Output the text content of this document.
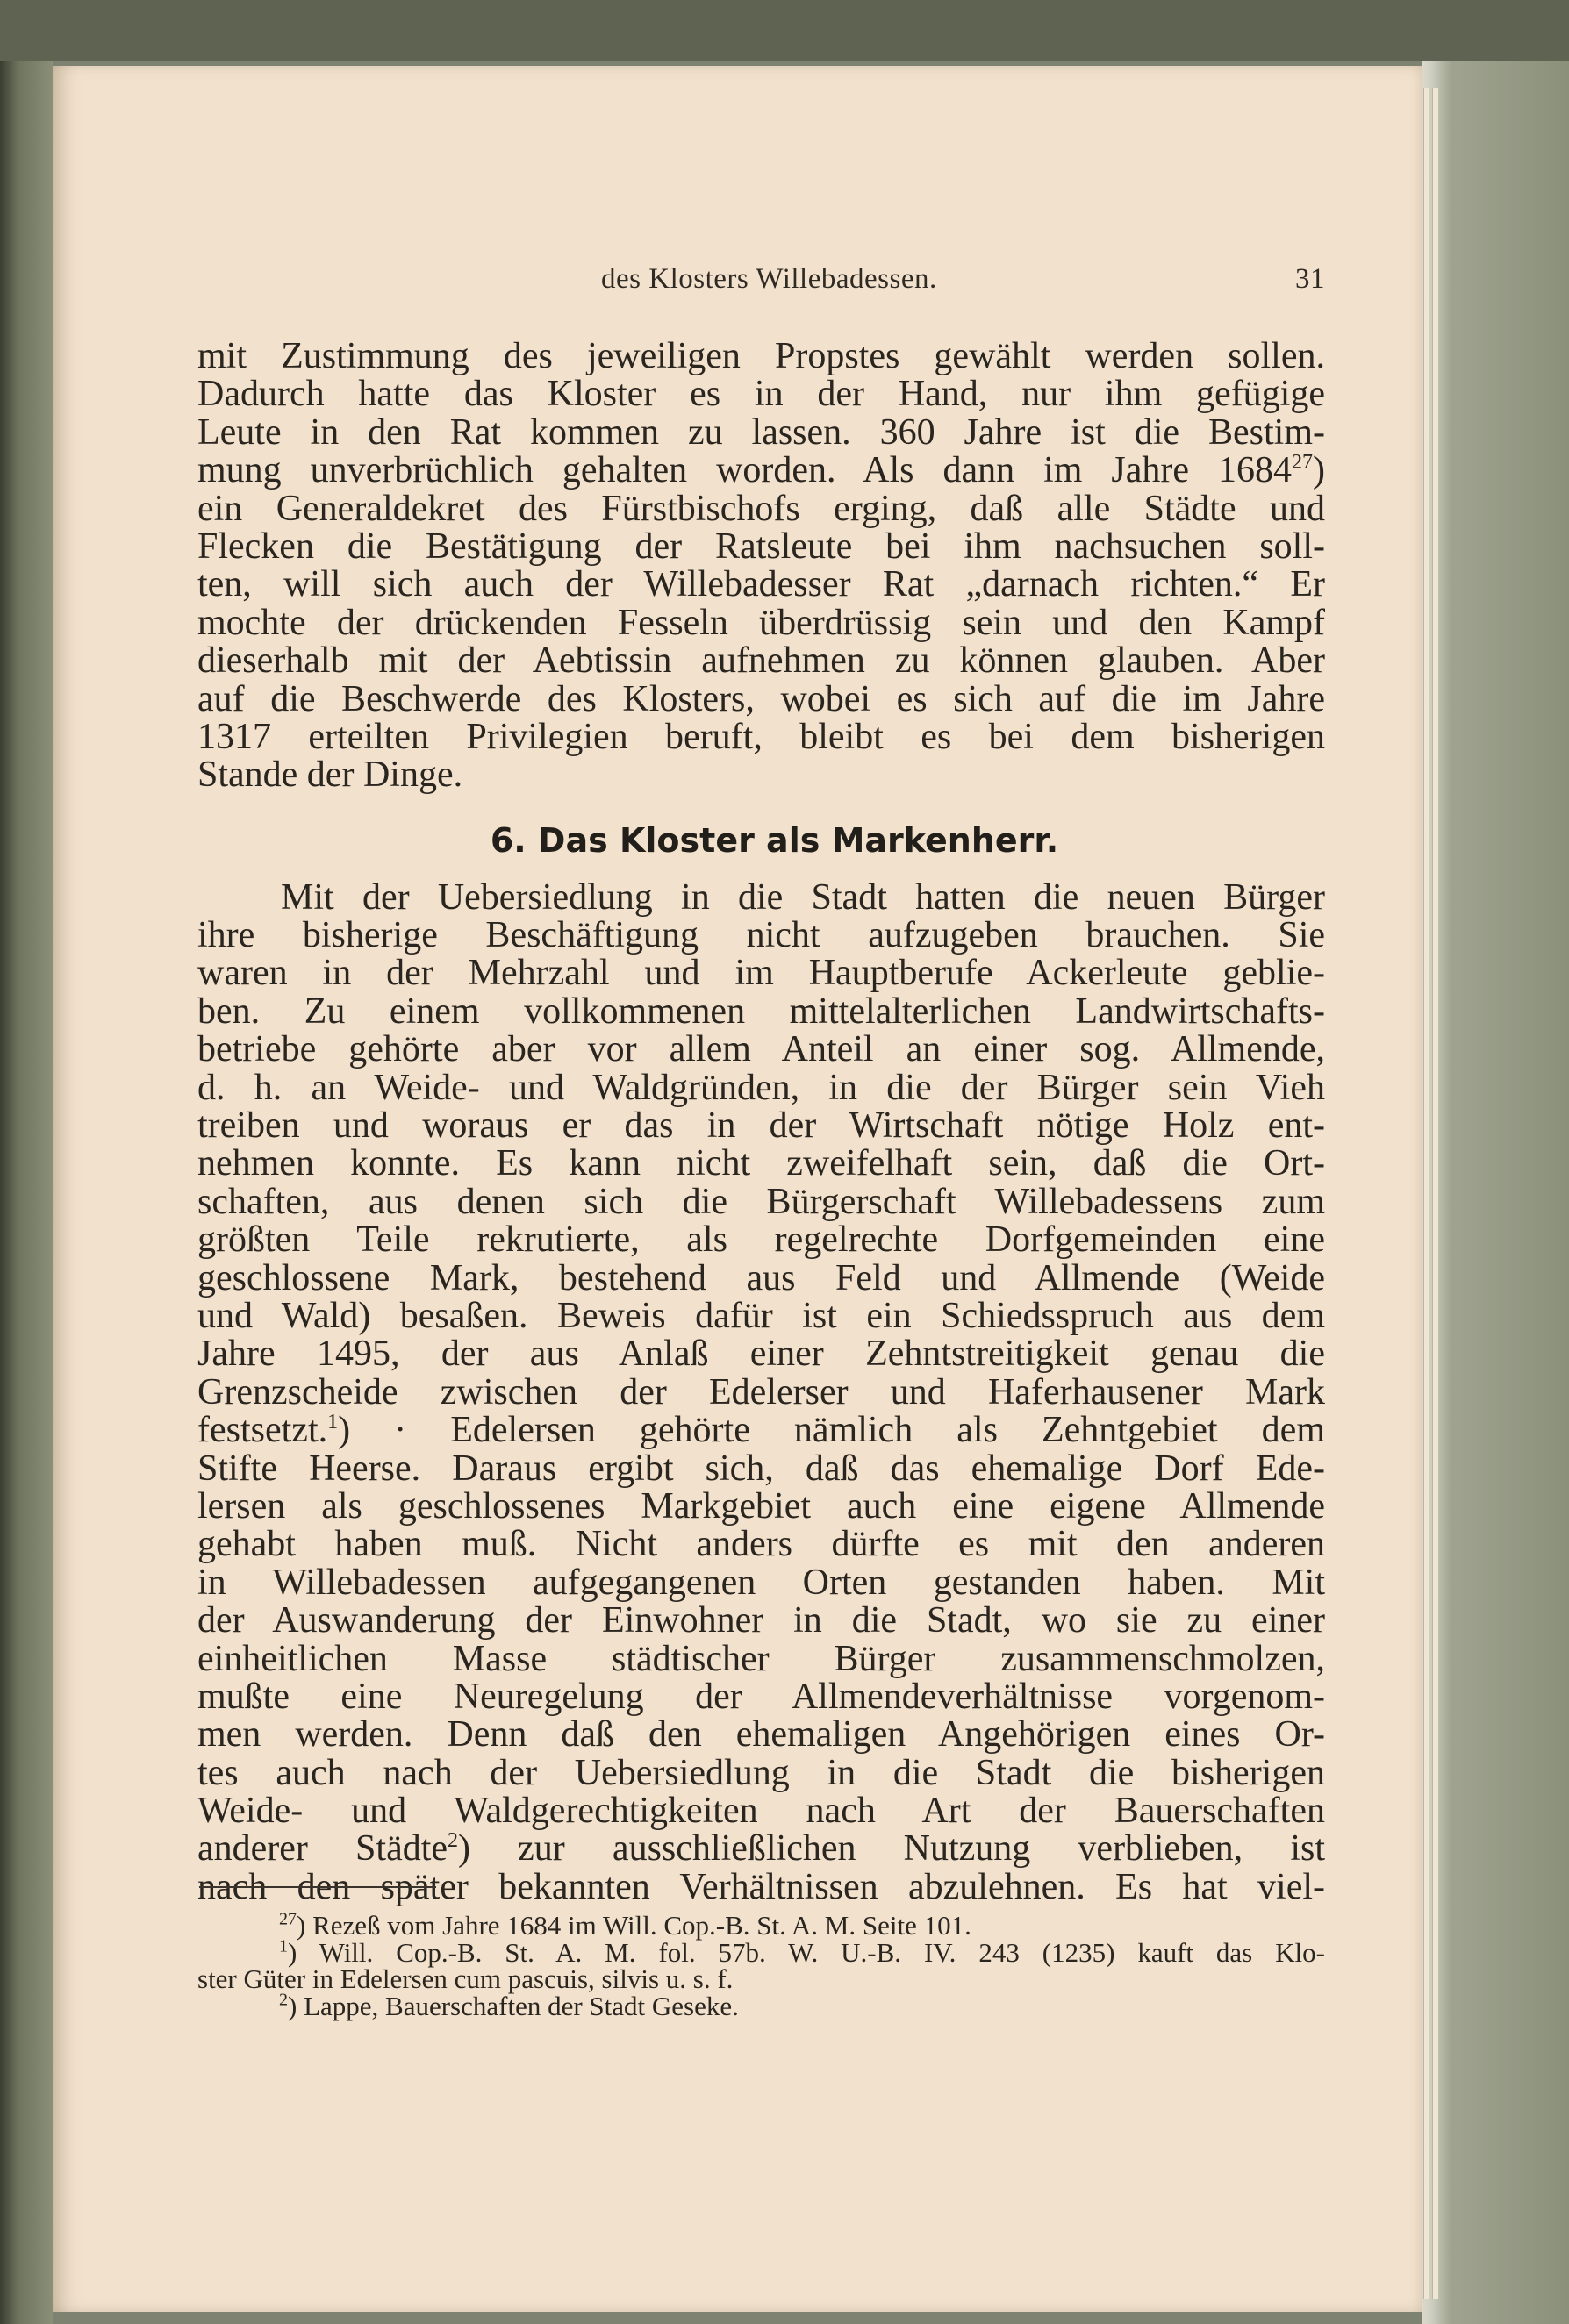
des Klosters Willebadessen.	31
mit Zustimmung des jeweiligen Propstes gewählt werden sollen.
Dadurch hatte das Kloster es in der Hand, nur ihm gefügige
Leute in den Rat kommen zu lassen. 360 Jahre ist die Bestim-
mung unverbrüchlich gehalten worden. Als dann im Jahre 1684$^{27}$)
ein Generaldekret des Fürstbischofs erging, daß alle Städte und
Flecken die Bestätigung der Ratsleute bei ihm nachsuchen soll-
ten, will sich auch der Willebadesser Rat „darnach richten.“ Er
mochte der drückenden Fesseln überdrüssig sein und den Kampf
dieserhalb mit der Aebtissin aufnehmen zu können glauben. Aber
auf die Beschwerde des Klosters, wobei es sich auf die im Jahre
1317 erteilten Privilegien beruft, bleibt es bei dem bisherigen
Stande der Dinge.
6. Das Kloster als Markenherr.
Mit der Uebersiedlung in die Stadt hatten die neuen Bürger
ihre bisherige Beschäftigung nicht aufzugeben brauchen. Sie
waren in der Mehrzahl und im Hauptberufe Ackerleute geblie-
ben. Zu einem vollkommenen mittelalterlichen Landwirtschafts-
betriebe gehörte aber vor allem Anteil an einer sog. Allmende,
d. h. an Weide- und Waldgründen, in die der Bürger sein Vieh
treiben und woraus er das in der Wirtschaft nötige Holz ent-
nehmen konnte. Es kann nicht zweifelhaft sein, daß die Ort-
schaften, aus denen sich die Bürgerschaft Willebadessens zum
größten Teile rekrutierte, als regelrechte Dorfgemeinden eine
geschlossene Mark, bestehend aus Feld und Allmende (Weide
und Wald) besaßen. Beweis dafür ist ein Schiedsspruch aus dem
Jahre 1495, der aus Anlaß einer Zehntstreitigkeit genau die
Grenzscheide zwischen der Edelerser und Haferhausener Mark
festsetzt.$^1$) · Edelersen gehörte nämlich als Zehntgebiet dem
Stifte Heerse. Daraus ergibt sich, daß das ehemalige Dorf Ede-
lersen als geschlossenes Markgebiet auch eine eigene Allmende
gehabt haben muß. Nicht anders dürfte es mit den anderen
in Willebadessen aufgegangenen Orten gestanden haben. Mit
der Auswanderung der Einwohner in die Stadt, wo sie zu einer
einheitlichen Masse städtischer Bürger zusammenschmolzen,
mußte eine Neuregelung der Allmendeverhältnisse vorgenom-
men werden. Denn daß den ehemaligen Angehörigen eines Or-
tes auch nach der Uebersiedlung in die Stadt die bisherigen
Weide- und Waldgerechtigkeiten nach Art der Bauerschaften
anderer Städte$^2$) zur ausschließlichen Nutzung verblieben, ist
nach den später bekannten Verhältnissen abzulehnen. Es hat viel-
$^{27}$) Rezeß vom Jahre 1684 im Will. Cop.-B. St. A. M. Seite 101.
$^1$) Will. Cop.-B. St. A. M. fol. 57b. W. U.-B. IV. 243 (1235) kauft das Klo-
ster Güter in Edelersen cum pascuis, silvis u. s. f.
$^2$) Lappe, Bauerschaften der Stadt Geseke.
